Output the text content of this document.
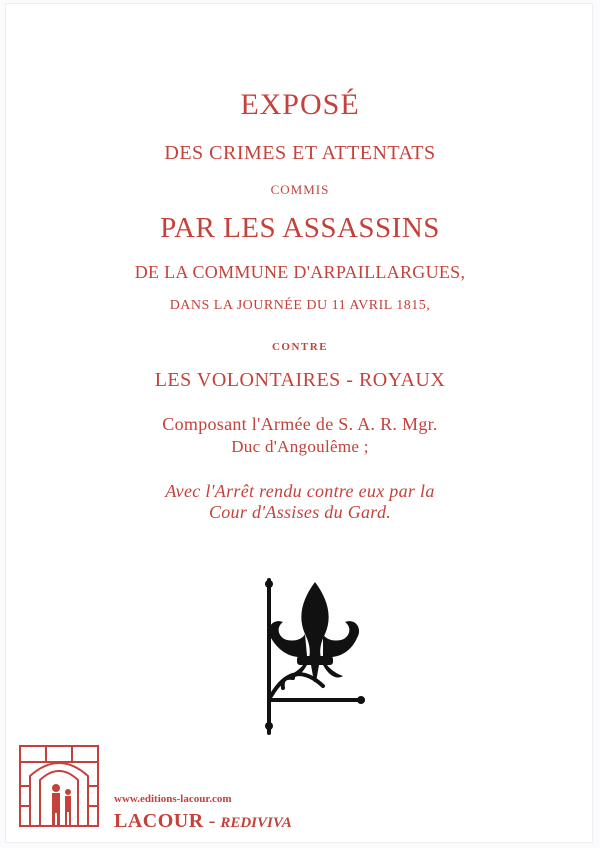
EXPOSÉ
DES CRIMES ET ATTENTATS
COMMIS
PAR LES ASSASSINS
DE LA COMMUNE D'ARPAILLARGUES,
DANS LA JOURNÉE DU 11 AVRIL 1815,
CONTRE
LES VOLONTAIRES - ROYAUX
Composant l'Armée de S. A. R. Mgr.
Duc d'Angoulême ;
Avec l'Arrêt rendu contre eux par la
Cour d'Assises du Gard.
www.editions-lacour.com
LACOUR - REDIVIVA
